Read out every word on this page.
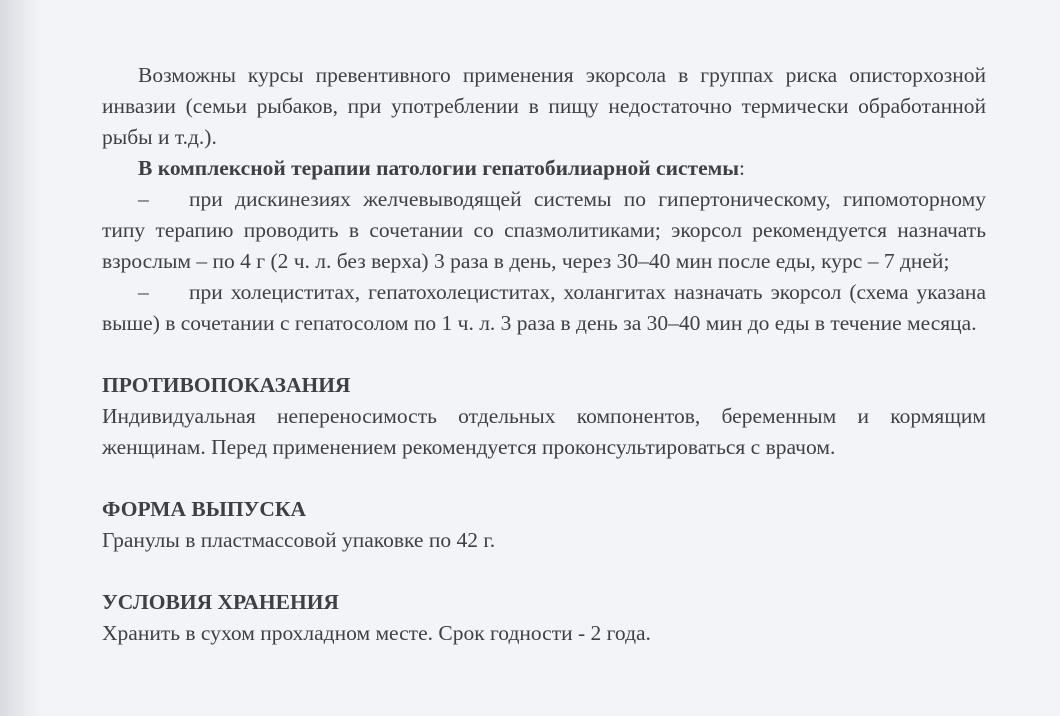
Возможны курсы превентивного применения экорсола в группах риска описторхозной инвазии (семьи рыбаков, при употреблении в пищу недостаточно термически обработанной рыбы и т.д.).

В комплексной терапии патологии гепатобилиарной системы:

– при дискинезиях желчевыводящей системы по гипертоническому, гипомоторному типу терапию проводить в сочетании со спазмолитиками; экорсол рекомендуется назначать взрослым – по 4 г (2 ч. л. без верха) 3 раза в день, через 30–40 мин после еды, курс – 7 дней;

– при холециститах, гепатохолециститах, холангитах назначать экорсол (схема указана выше) в сочетании с гепатосолом по 1 ч. л. 3 раза в день за 30–40 мин до еды в течение месяца.

ПРОТИВОПОКАЗАНИЯ

Индивидуальная непереносимость отдельных компонентов, беременным и кормящим женщинам. Перед применением рекомендуется проконсультироваться с врачом.

ФОРМА ВЫПУСКА

Гранулы в пластмассовой упаковке по 42 г.

УСЛОВИЯ ХРАНЕНИЯ

Хранить в сухом прохладном месте. Срок годности - 2 года.
